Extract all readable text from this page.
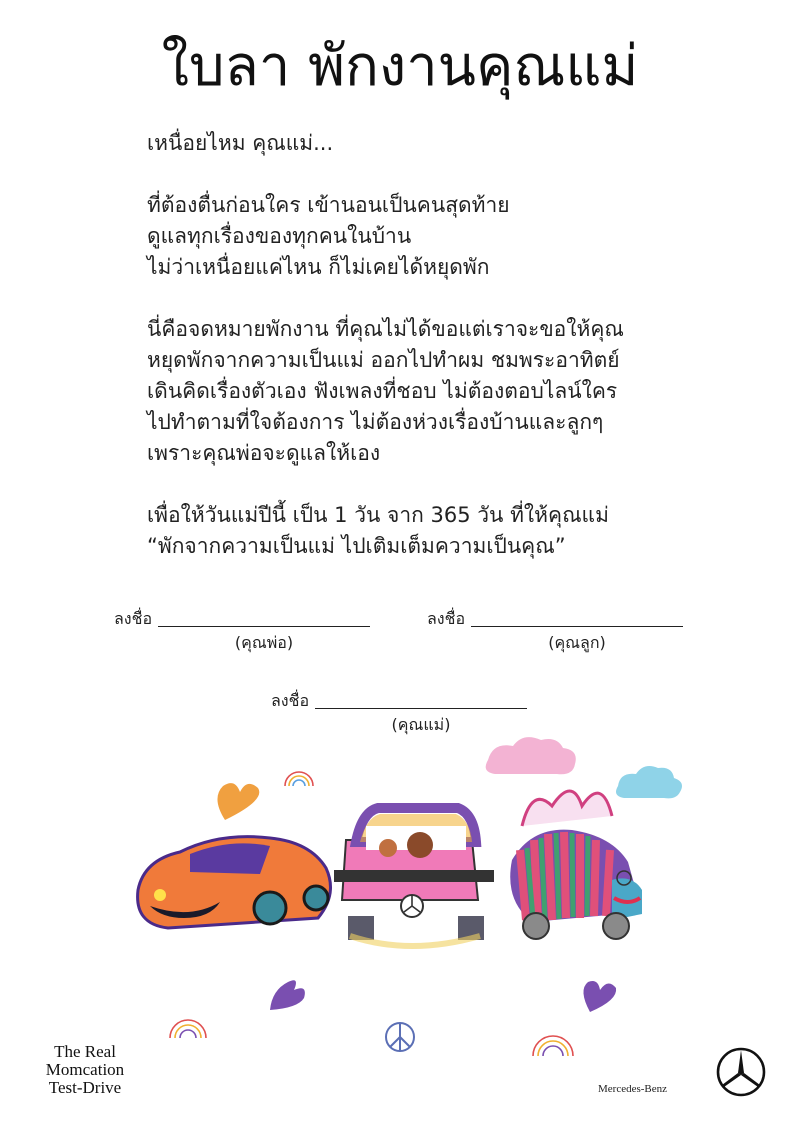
ใบลา พักงานคุณแม่
เหนื่อยไหม คุณแม่...
ที่ต้องตื่นก่อนใคร เข้านอนเป็นคนสุดท้าย
ดูแลทุกเรื่องของทุกคนในบ้าน
ไม่ว่าเหนื่อยแค่ไหน ก็ไม่เคยได้หยุดพัก
นี่คือจดหมายพักงาน ที่คุณไม่ได้ขอแต่เราจะขอให้คุณ
หยุดพักจากความเป็นแม่ ออกไปทำผม ชมพระอาทิตย์
เดินคิดเรื่องตัวเอง ฟังเพลงที่ชอบ ไม่ต้องตอบไลน์ใคร
ไปทำตามที่ใจต้องการ ไม่ต้องห่วงเรื่องบ้านและลูกๆ
เพราะคุณพ่อจะดูแลให้เอง
เพื่อให้วันแม่ปีนี้ เป็น 1 วัน จาก 365 วัน ที่ให้คุณแม่
“พักจากความเป็นแม่ ไปเติมเต็มความเป็นคุณ”
ลงชื่อ
(คุณพ่อ)
ลงชื่อ
(คุณลูก)
ลงชื่อ
(คุณแม่)
The Real
Momcation
Test-Drive	Mercedes-Benz
